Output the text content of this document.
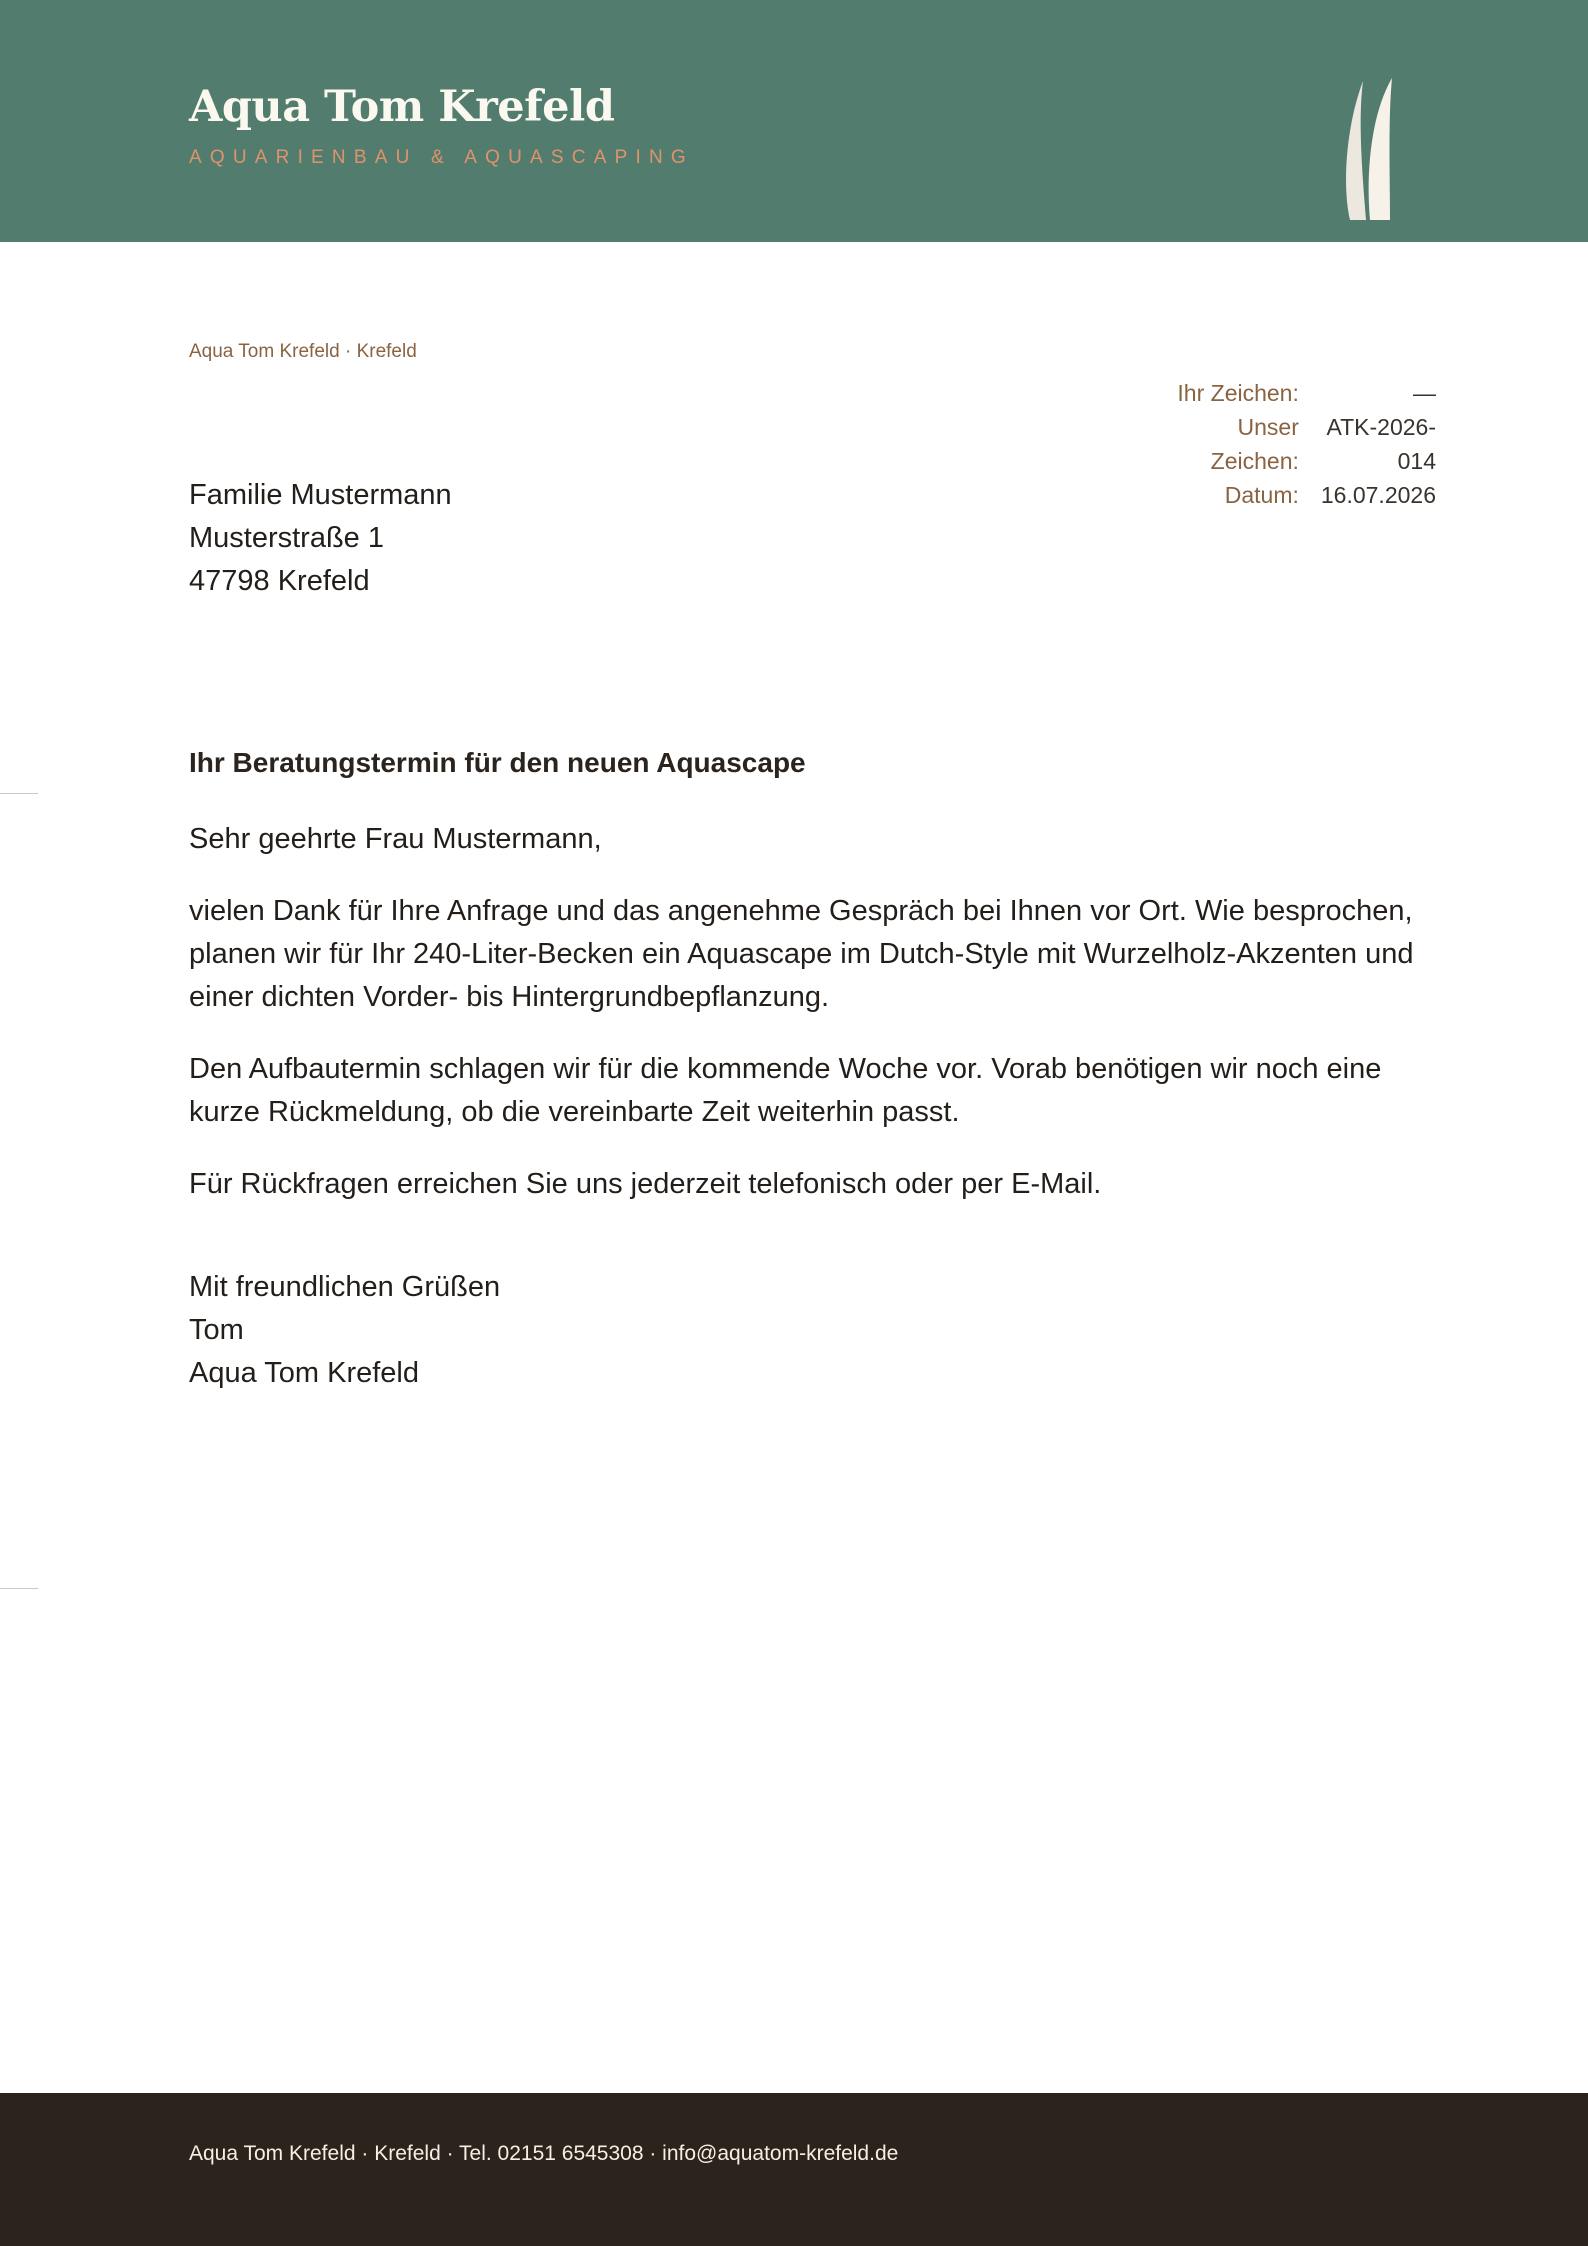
Aqua Tom Krefeld
AQUARIENBAU & AQUASCAPING
Aqua Tom Krefeld · Krefeld
Ihr Zeichen:	—
Unser
Zeichen:	ATK-2026-
014
Datum:	16.07.2026
Familie Mustermann
Musterstraße 1
47798 Krefeld
Ihr Beratungstermin für den neuen Aquascape

Sehr geehrte Frau Mustermann,

vielen Dank für Ihre Anfrage und das angenehme Gespräch bei Ihnen vor Ort. Wie besprochen, planen wir für Ihr 240-Liter-Becken ein Aquascape im Dutch-Style mit Wurzelholz-Akzenten und einer dichten Vorder- bis Hintergrundbepflanzung.

Den Aufbautermin schlagen wir für die kommende Woche vor. Vorab benötigen wir noch eine kurze Rückmeldung, ob die vereinbarte Zeit weiterhin passt.

Für Rückfragen erreichen Sie uns jederzeit telefonisch oder per E-Mail.

Mit freundlichen Grüßen
Tom
Aqua Tom Krefeld
Aqua Tom Krefeld · Krefeld · Tel. 02151 6545308 · info@aquatom-krefeld.de
